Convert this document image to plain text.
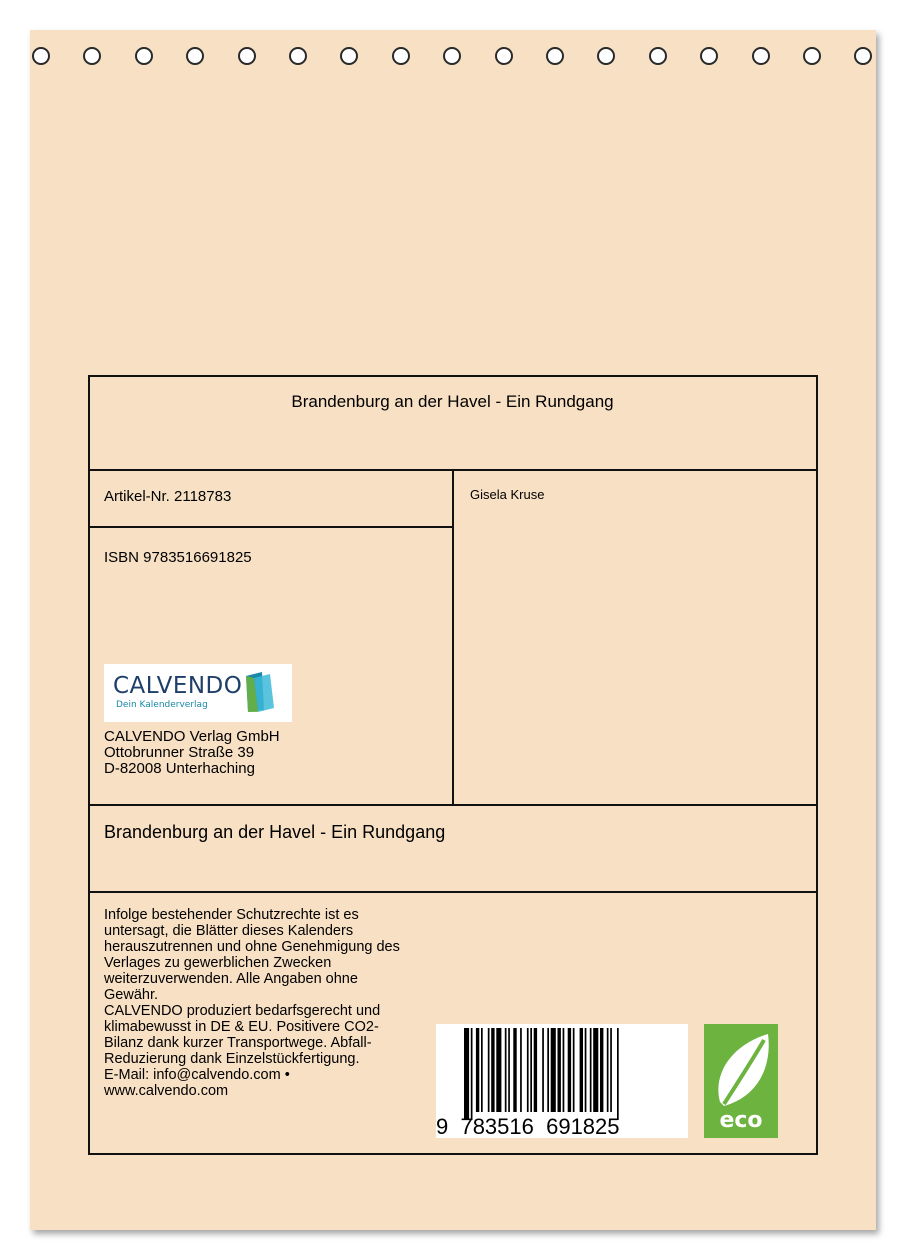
Brandenburg an der Havel - Ein Rundgang
Artikel-Nr. 2118783	Gisela Kruse
ISBN 9783516691825
CALVENDO
Dein Kalenderverlag
CALVENDO Verlag GmbH
Ottobrunner Straße 39
D-82008 Unterhaching
Brandenburg an der Havel - Ein Rundgang
Infolge bestehender Schutzrechte ist es
untersagt, die Blätter dieses Kalenders
herauszutrennen und ohne Genehmigung des
Verlages zu gewerblichen Zwecken
weiterzuverwenden. Alle Angaben ohne
Gewähr.
CALVENDO produziert bedarfsgerecht und
klimabewusst in DE & EU. Positivere CO2-
Bilanz dank kurzer Transportwege. Abfall-
Reduzierung dank Einzelstückfertigung.
E-Mail: info@calvendo.com •
www.calvendo.com
9  783516  691825	eco
